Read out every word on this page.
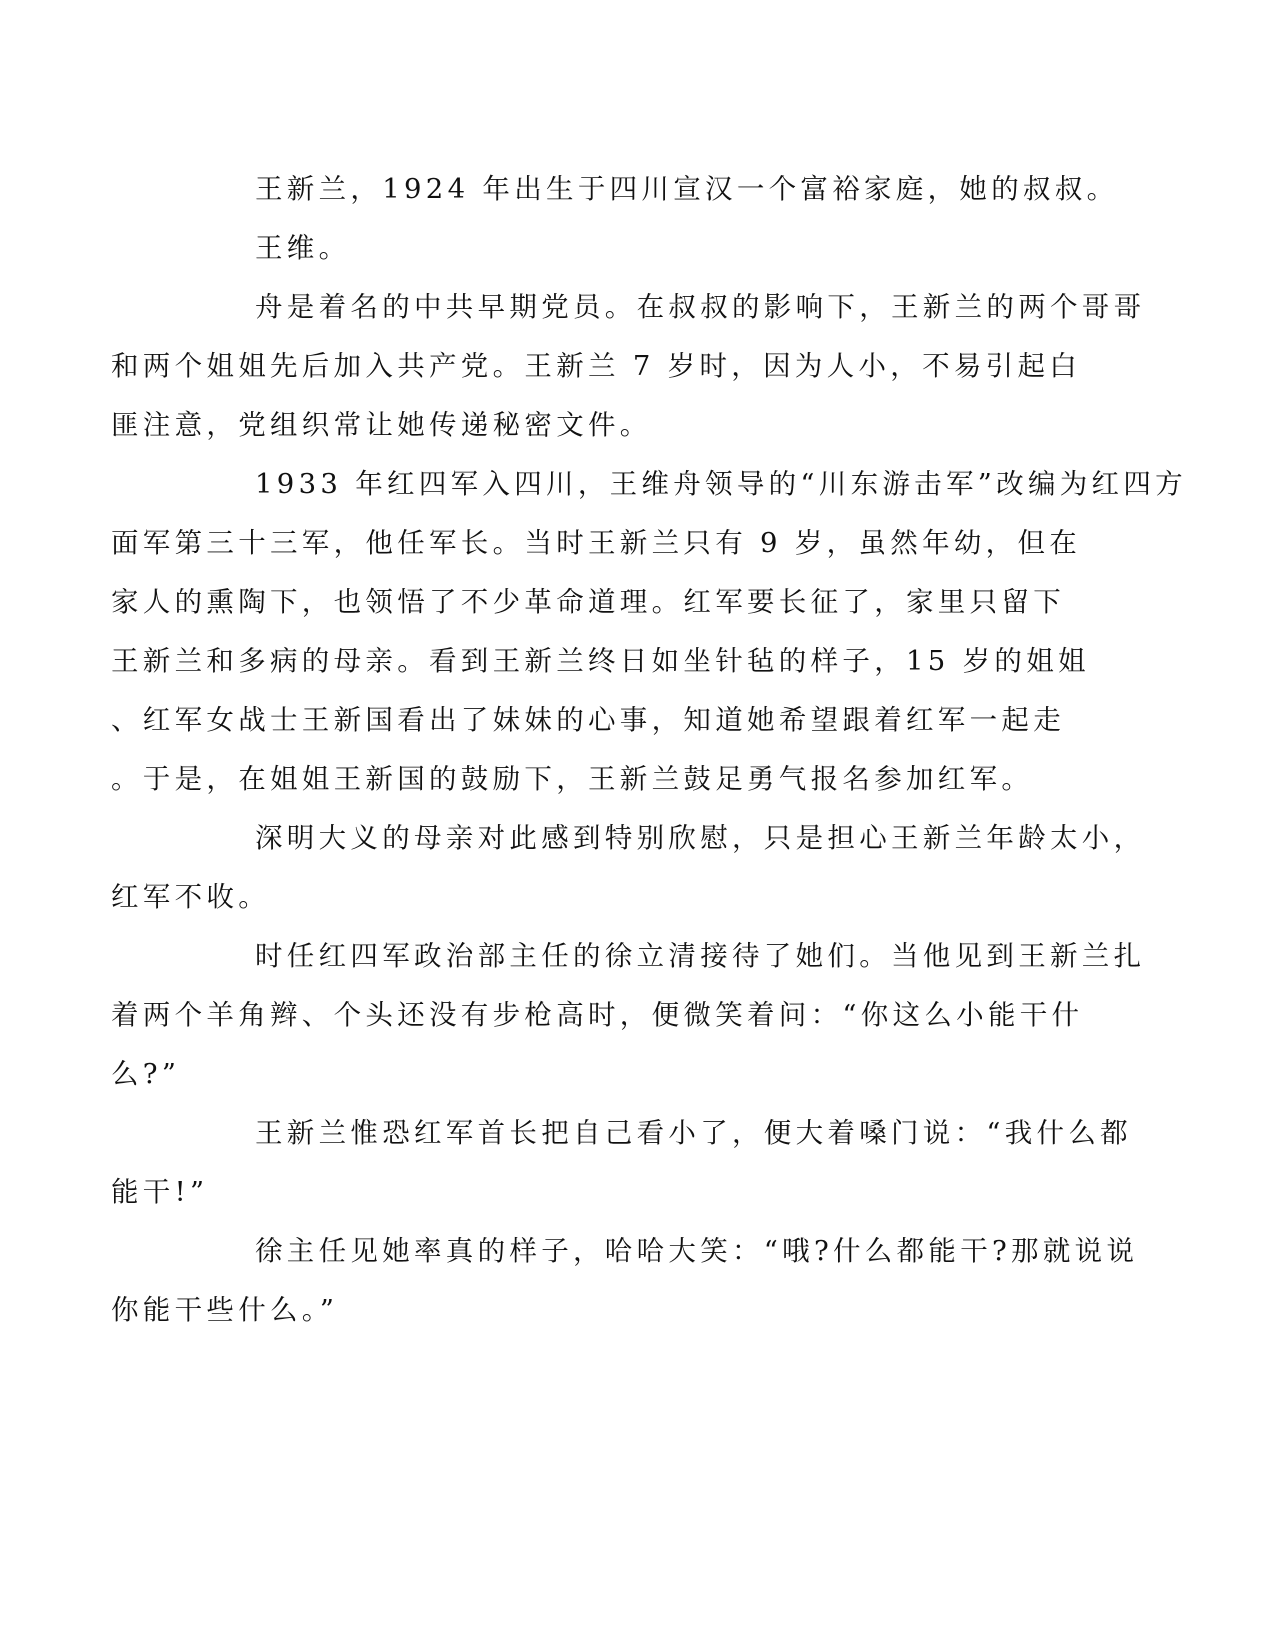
王新兰，1924 年出生于四川宣汉一个富裕家庭，她的叔叔。

王维。

舟是着名的中共早期党员。在叔叔的影响下，王新兰的两个哥哥
和两个姐姐先后加入共产党。王新兰 7 岁时，因为人小，不易引起白
匪注意，党组织常让她传递秘密文件。

1933 年红四军入四川，王维舟领导的“川东游击军”改编为红四方
面军第三十三军，他任军长。当时王新兰只有 9 岁，虽然年幼，但在
家人的熏陶下，也领悟了不少革命道理。红军要长征了，家里只留下
王新兰和多病的母亲。看到王新兰终日如坐针毡的样子，15 岁的姐姐
、红军女战士王新国看出了妹妹的心事，知道她希望跟着红军一起走
。于是，在姐姐王新国的鼓励下，王新兰鼓足勇气报名参加红军。

深明大义的母亲对此感到特别欣慰，只是担心王新兰年龄太小，
红军不收。

时任红四军政治部主任的徐立清接待了她们。当他见到王新兰扎
着两个羊角辫、个头还没有步枪高时，便微笑着问：“你这么小能干什
么?”

王新兰惟恐红军首长把自己看小了，便大着嗓门说：“我什么都
能干!”

徐主任见她率真的样子，哈哈大笑：“哦?什么都能干?那就说说
你能干些什么。”
